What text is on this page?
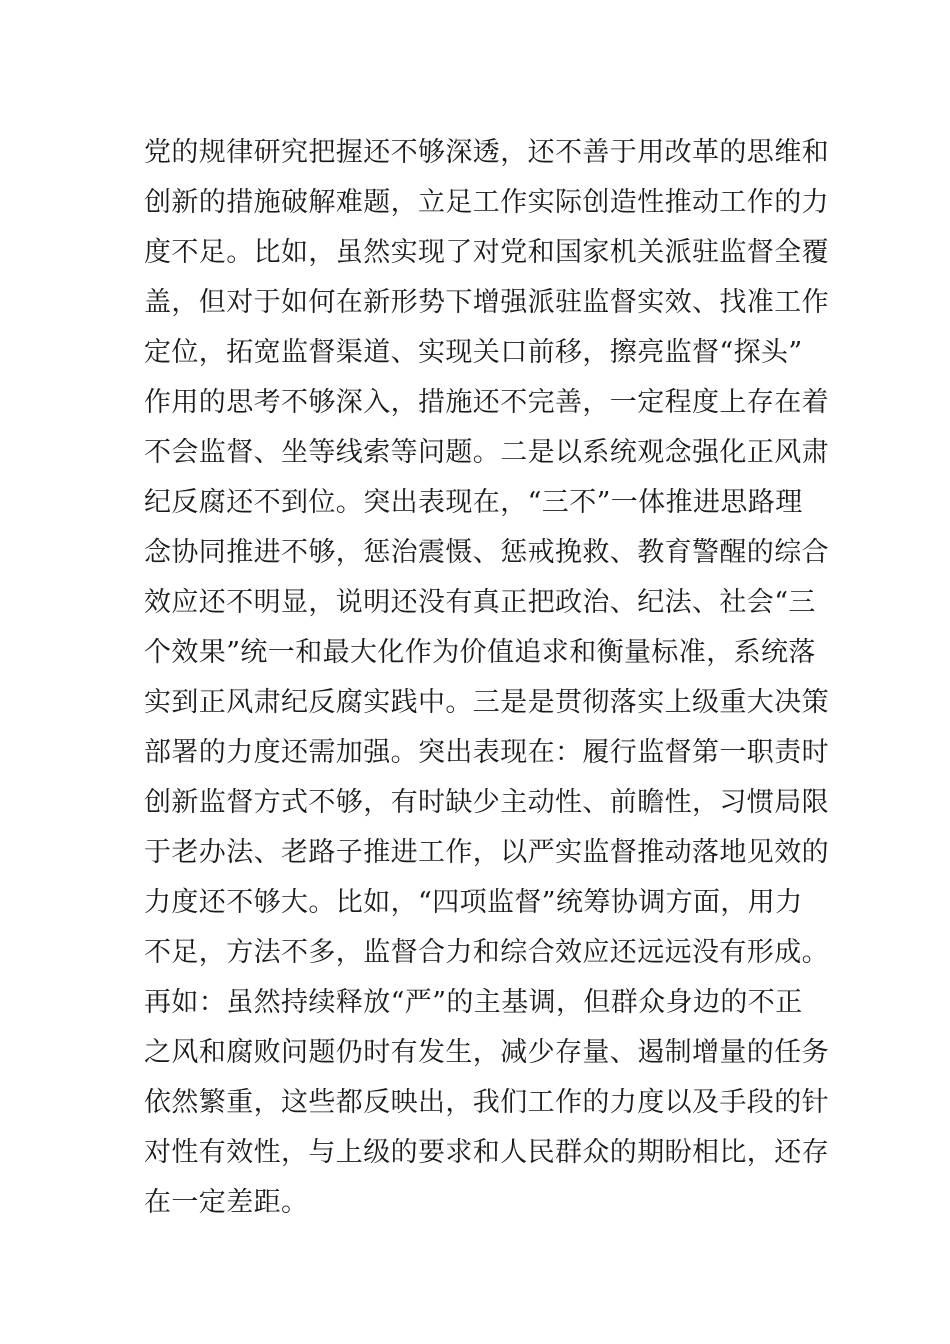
党的规律研究把握还不够深透，还不善于用改革的思维和
创新的措施破解难题，立足工作实际创造性推动工作的力
度不足。比如，虽然实现了对党和国家机关派驻监督全覆
盖，但对于如何在新形势下增强派驻监督实效、找准工作
定位，拓宽监督渠道、实现关口前移，擦亮监督“探头”
作用的思考不够深入，措施还不完善，一定程度上存在着
不会监督、坐等线索等问题。二是以系统观念强化正风肃
纪反腐还不到位。突出表现在，“三不”一体推进思路理
念协同推进不够，惩治震慑、惩戒挽救、教育警醒的综合
效应还不明显，说明还没有真正把政治、纪法、社会“三
个效果”统一和最大化作为价值追求和衡量标准，系统落
实到正风肃纪反腐实践中。三是是贯彻落实上级重大决策
部署的力度还需加强。突出表现在：履行监督第一职责时
创新监督方式不够，有时缺少主动性、前瞻性，习惯局限
于老办法、老路子推进工作，以严实监督推动落地见效的
力度还不够大。比如，“四项监督”统筹协调方面，用力
不足，方法不多，监督合力和综合效应还远远没有形成。
再如：虽然持续释放“严”的主基调，但群众身边的不正
之风和腐败问题仍时有发生，减少存量、遏制增量的任务
依然繁重，这些都反映出，我们工作的力度以及手段的针
对性有效性，与上级的要求和人民群众的期盼相比，还存
在一定差距。
